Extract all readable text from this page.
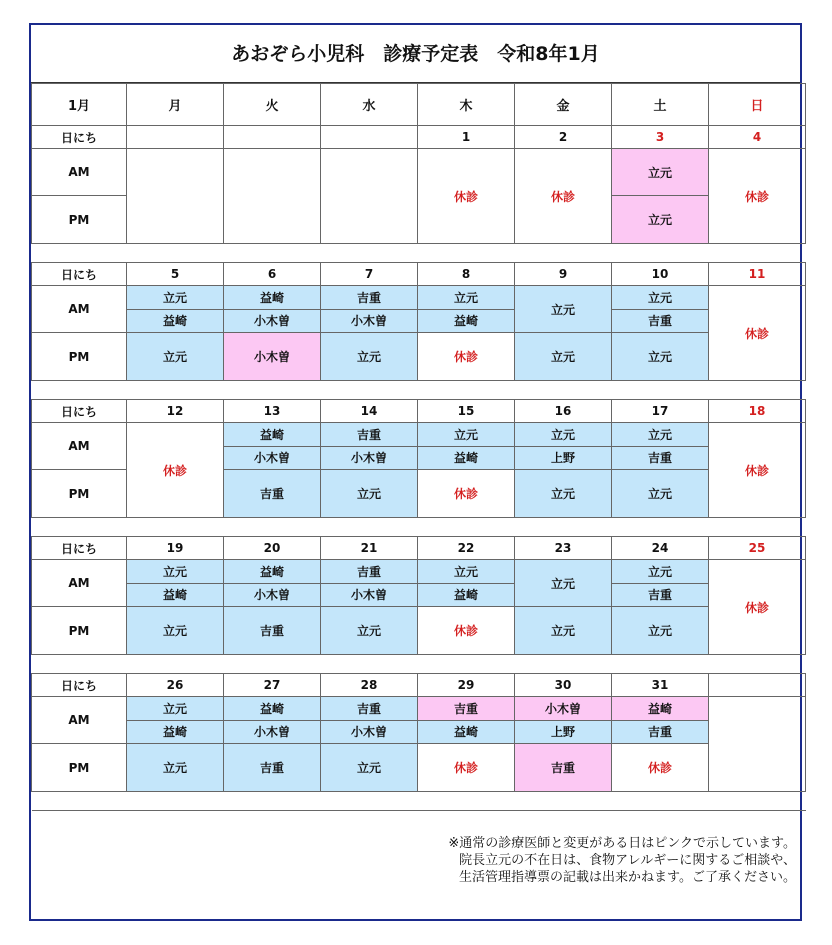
あおぞら小児科　診療予定表　令和8年1月
1月	月	火	水	木	金	土	日
日にち				1	2	3	4
AM				休診	休診	立元	休診

PM						立元	

日にち	5	6	7	8	9	10	11
AM	立元	益崎	吉重	立元	立元	立元	休診
	益崎	小木曽	小木曽	益崎		吉重	
PM	立元	小木曽	立元	休診	立元	立元	

日にち	12	13	14	15	16	17	18
AM	休診	益崎	吉重	立元	立元	立元	休診
		小木曽	小木曽	益崎	上野	吉重	
PM		吉重	立元	休診	立元	立元	

日にち	19	20	21	22	23	24	25
AM	立元	益崎	吉重	立元	立元	立元	休診
	益崎	小木曽	小木曽	益崎		吉重	
PM	立元	吉重	立元	休診	立元	立元	

日にち	26	27	28	29	30	31	
AM	立元	益崎	吉重	吉重	小木曽	益崎	
	益崎	小木曽	小木曽	益崎	上野	吉重	
PM	立元	吉重	立元	休診	吉重	休診	

※通常の診療医師と変更がある日はピンクで示しています。
院長立元の不在日は、食物アレルギーに関するご相談や、
生活管理指導票の記載は出来かねます。ご了承ください。
